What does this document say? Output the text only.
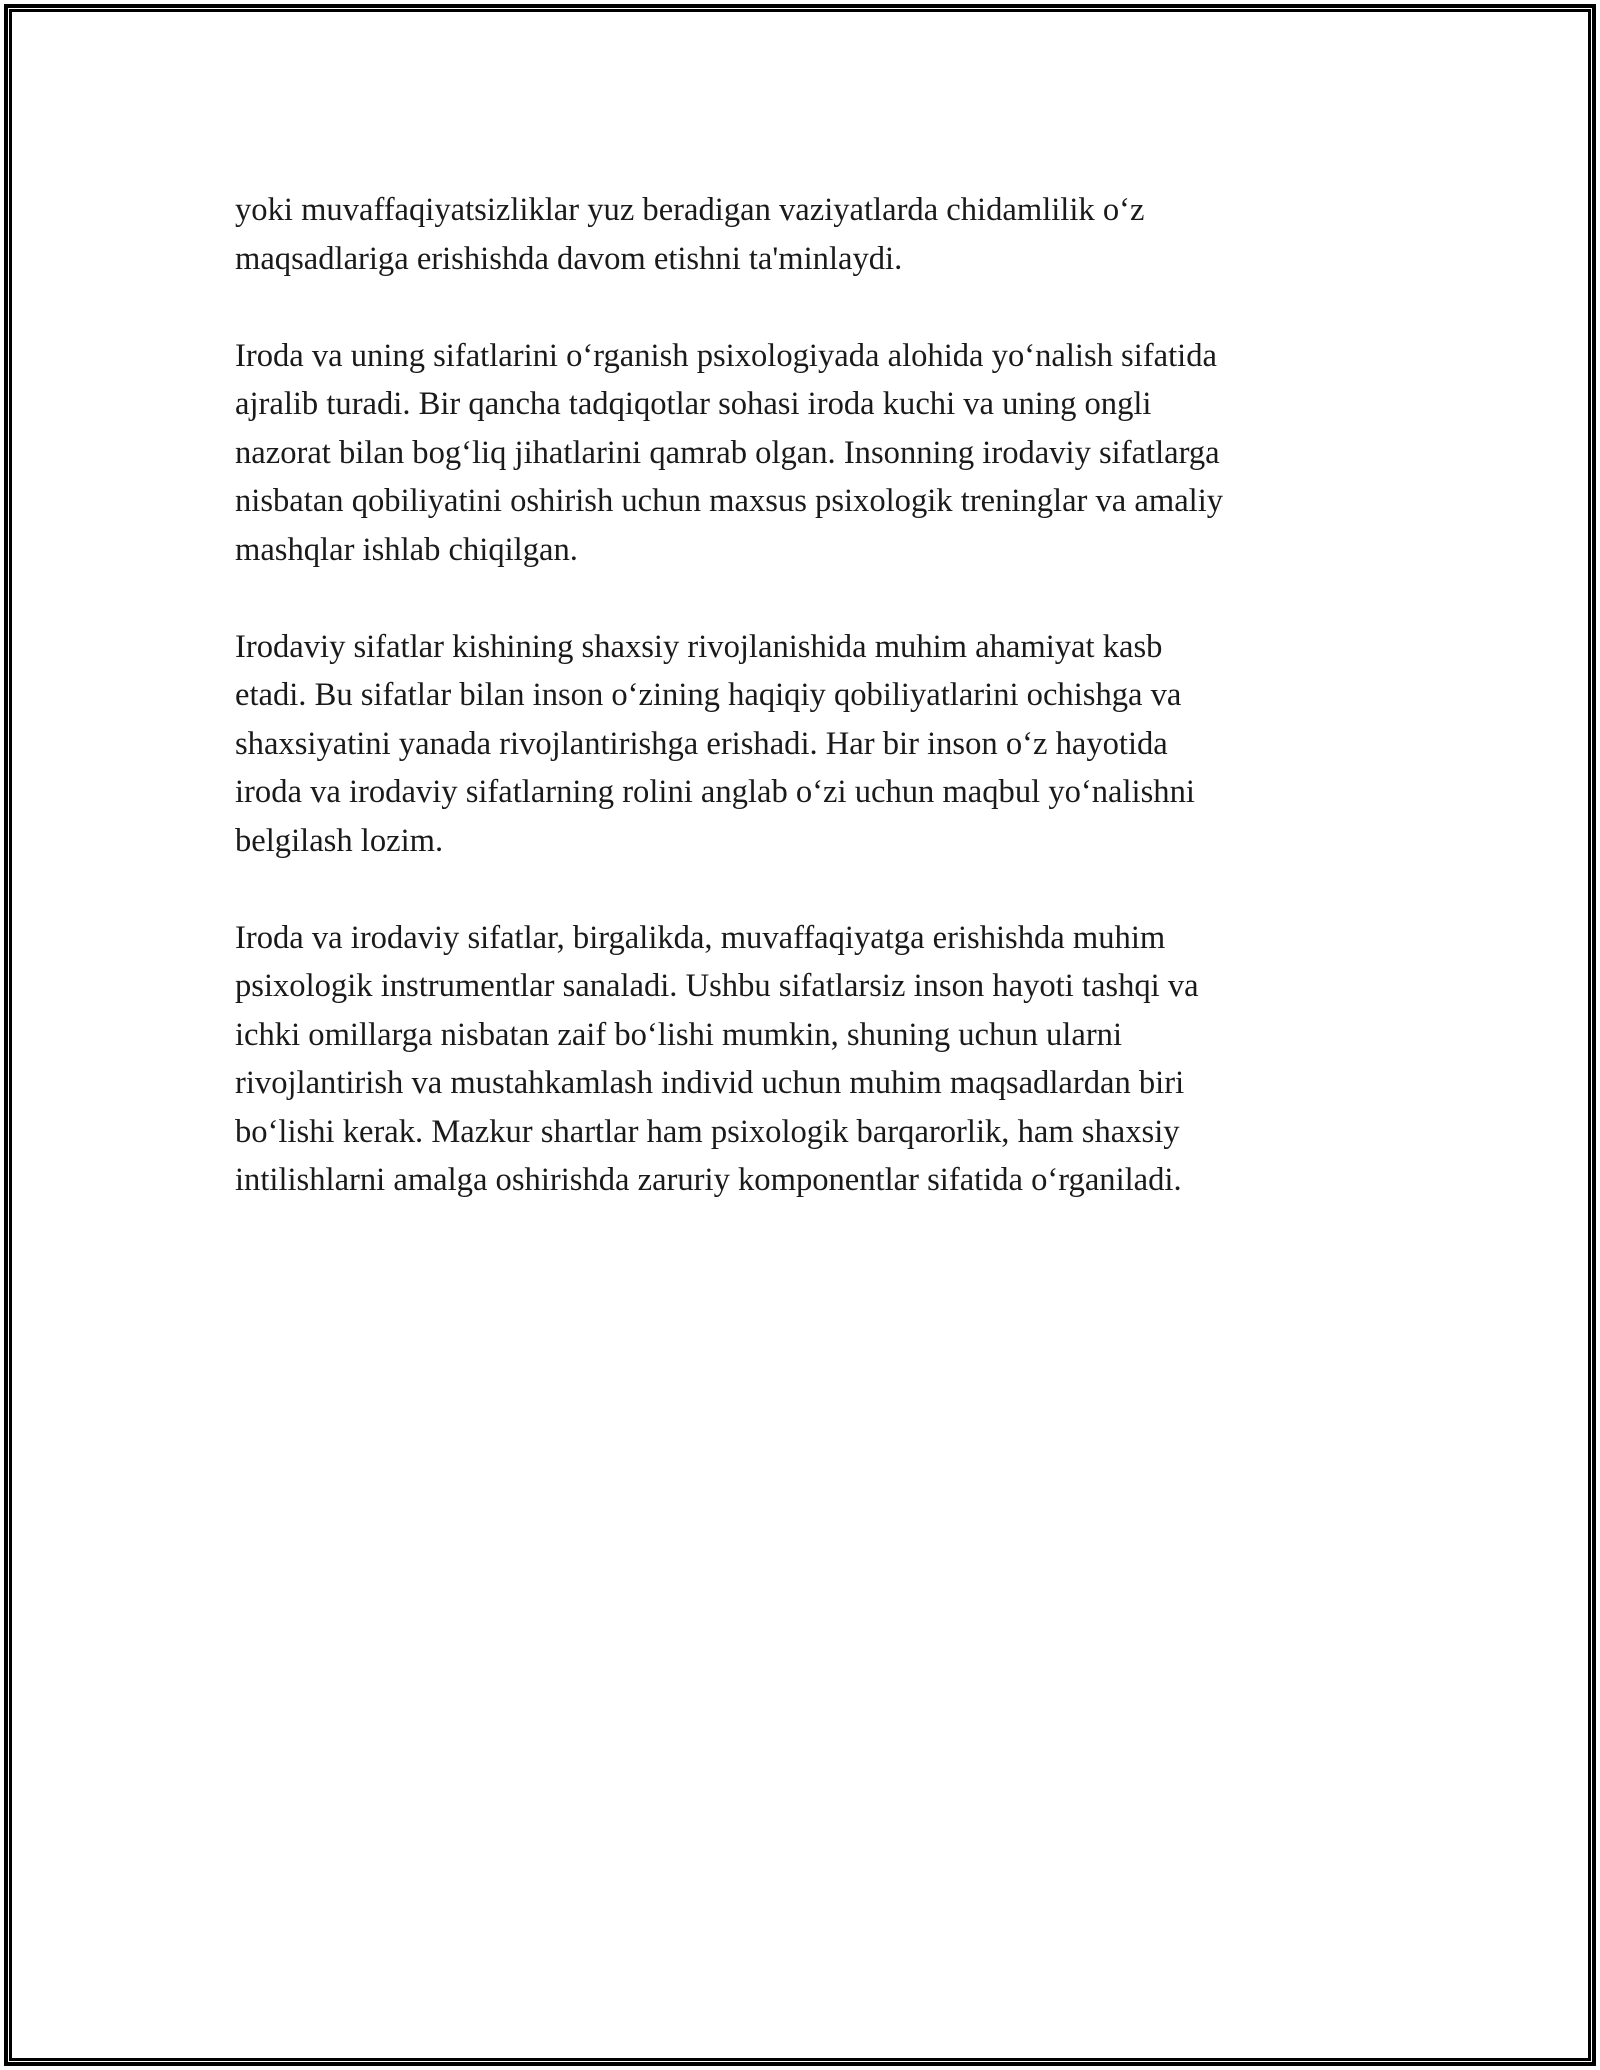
yoki muvaffaqiyatsizliklar yuz beradigan vaziyatlarda chidamlilik o‘z
maqsadlariga erishishda davom etishni ta'minlaydi.

Iroda va uning sifatlarini o‘rganish psixologiyada alohida yo‘nalish sifatida
ajralib turadi. Bir qancha tadqiqotlar sohasi iroda kuchi va uning ongli
nazorat bilan bog‘liq jihatlarini qamrab olgan. Insonning irodaviy sifatlarga
nisbatan qobiliyatini oshirish uchun maxsus psixologik treninglar va amaliy
mashqlar ishlab chiqilgan.

Irodaviy sifatlar kishining shaxsiy rivojlanishida muhim ahamiyat kasb
etadi. Bu sifatlar bilan inson o‘zining haqiqiy qobiliyatlarini ochishga va
shaxsiyatini yanada rivojlantirishga erishadi. Har bir inson o‘z hayotida
iroda va irodaviy sifatlarning rolini anglab o‘zi uchun maqbul yo‘nalishni
belgilash lozim.

Iroda va irodaviy sifatlar, birgalikda, muvaffaqiyatga erishishda muhim
psixologik instrumentlar sanaladi. Ushbu sifatlarsiz inson hayoti tashqi va
ichki omillarga nisbatan zaif bo‘lishi mumkin, shuning uchun ularni
rivojlantirish va mustahkamlash individ uchun muhim maqsadlardan biri
bo‘lishi kerak. Mazkur shartlar ham psixologik barqarorlik, ham shaxsiy
intilishlarni amalga oshirishda zaruriy komponentlar sifatida o‘rganiladi.
